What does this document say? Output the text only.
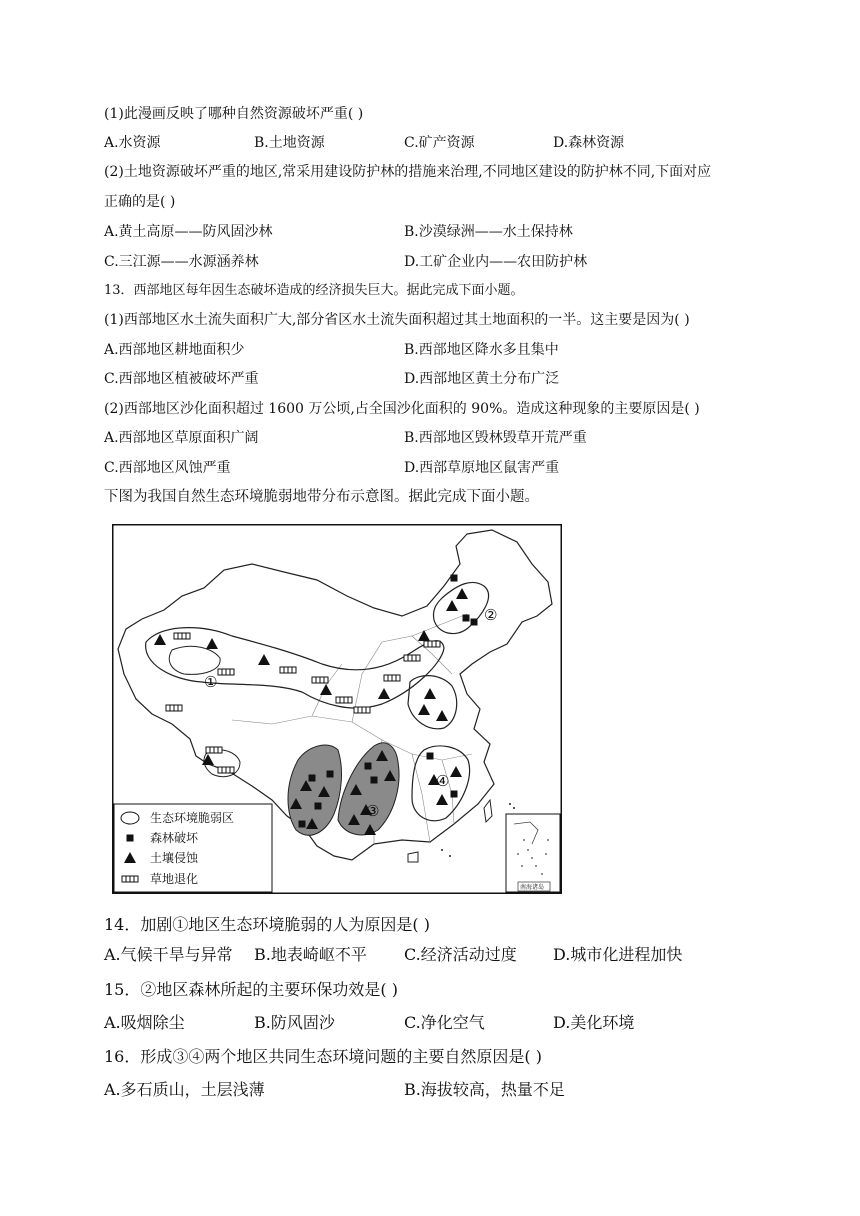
(1)此漫画反映了哪种自然资源破坏严重( )
A.水资源	B.土地资源	C.矿产资源	D.森林资源
(2)土地资源破坏严重的地区,常采用建设防护林的措施来治理,不同地区建设的防护林不同,下面对应
正确的是( )
A.黄土高原——防风固沙林	B.沙漠绿洲——水土保持林
C.三江源——水源涵养林	D.工矿企业内——农田防护林
13．西部地区每年因生态破坏造成的经济损失巨大。据此完成下面小题。
(1)西部地区水土流失面积广大,部分省区水土流失面积超过其土地面积的一半。这主要是因为( )
A.西部地区耕地面积少	B.西部地区降水多且集中
C.西部地区植被破坏严重	D.西部地区黄土分布广泛
(2)西部地区沙化面积超过 1600 万公顷,占全国沙化面积的 90%。造成这种现象的主要原因是( )
A.西部地区草原面积广阔	B.西部地区毁林毁草开荒严重
C.西部地区风蚀严重	D.西部草原地区鼠害严重
下图为我国自然生态环境脆弱地带分布示意图。据此完成下面小题。
①
②
③
④
生态环境脆弱区
森林破坏
土壤侵蚀
草地退化
南海诸岛
14．加剧①地区生态环境脆弱的人为原因是( )
A.气候干旱与异常 B.地表崎岖不平 C.经济活动过度 D.城市化进程加快
15．②地区森林所起的主要环保功效是( )
A.吸烟除尘	B.防风固沙	C.净化空气	D.美化环境
16．形成③④两个地区共同生态环境问题的主要自然原因是( )
A.多石质山，土层浅薄	B.海拔较高，热量不足
